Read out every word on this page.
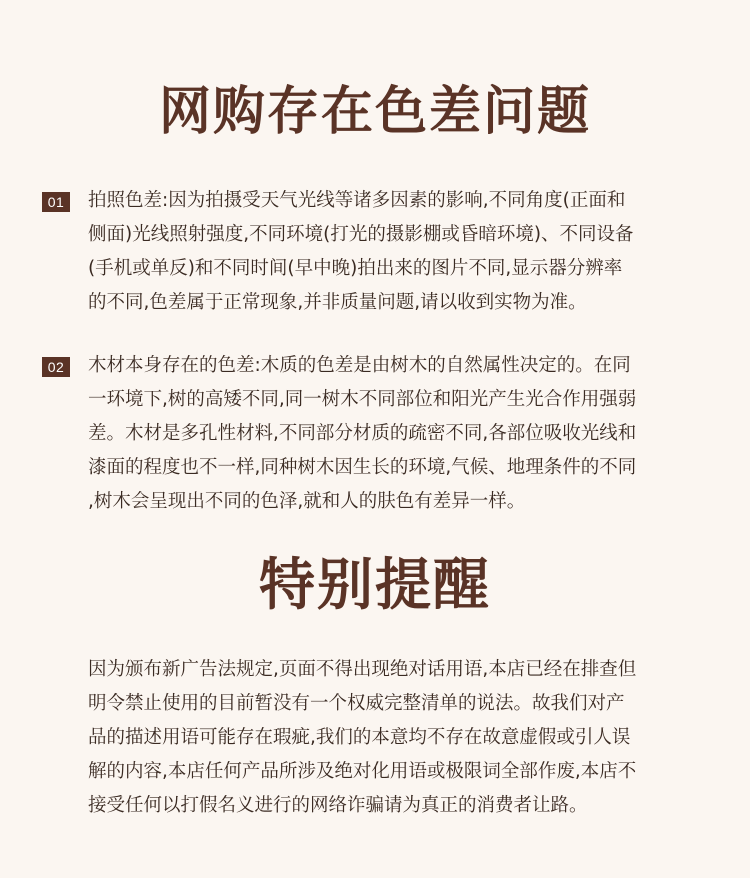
网购存在色差问题
01	拍照色差:因为拍摄受天气光线等诸多因素的影响,不同角度(正面和
侧面)光线照射强度,不同环境(打光的摄影棚或昏暗环境)、不同设备
(手机或单反)和不同时间(早中晚)拍出来的图片不同,显示器分辨率
的不同,色差属于正常现象,并非质量问题,请以收到实物为准。
02	木材本身存在的色差:木质的色差是由树木的自然属性决定的。在同
一环境下,树的高矮不同,同一树木不同部位和阳光产生光合作用强弱
差。木材是多孔性材料,不同部分材质的疏密不同,各部位吸收光线和
漆面的程度也不一样,同种树木因生长的环境,气候、地理条件的不同
,树木会呈现出不同的色泽,就和人的肤色有差异一样。
特别提醒
因为颁布新广告法规定,页面不得出现绝对话用语,本店已经在排查但
明令禁止使用的目前暂没有一个权威完整清单的说法。故我们对产
品的描述用语可能存在瑕疵,我们的本意均不存在故意虚假或引人误
解的内容,本店任何产品所涉及绝对化用语或极限词全部作废,本店不
接受任何以打假名义进行的网络诈骗请为真正的消费者让路。
